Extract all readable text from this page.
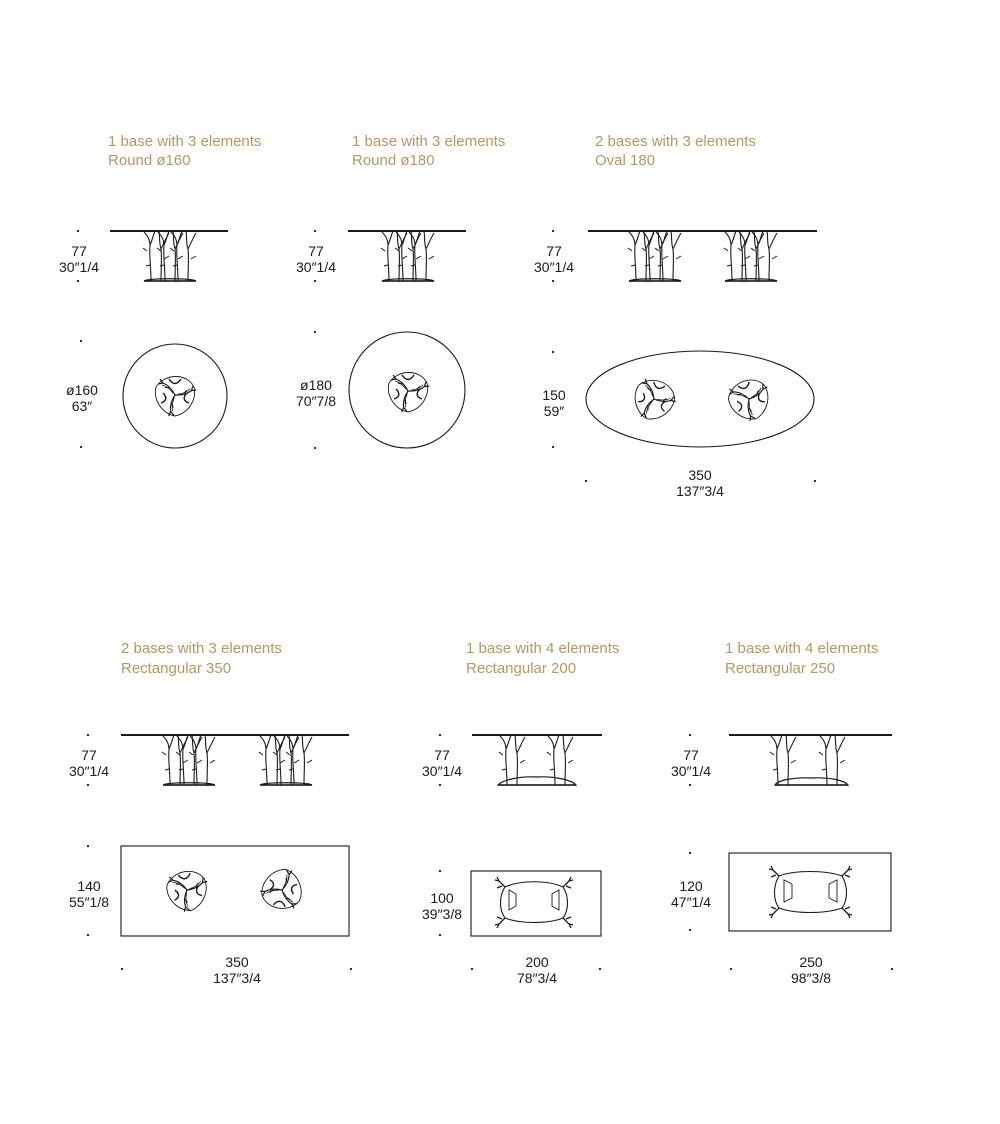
1 base with 3 elements
Round ø160
1 base with 3 elements
Round ø180
2 bases with 3 elements
Oval 180
2 bases with 3 elements
Rectangular 350
1 base with 4 elements
Rectangular 200
1 base with 4 elements
Rectangular 250
77
30″1/4
77
30″1/4
77
30″1/4
77
30″1/4
77
30″1/4
77
30″1/4
ø160
63″
ø180
70″7/8	150
59″
140
55″1/8	100
39″3/8
120
47″1/4
350
137″3/4
350
137″3/4
200
78″3/4
250
98″3/8
